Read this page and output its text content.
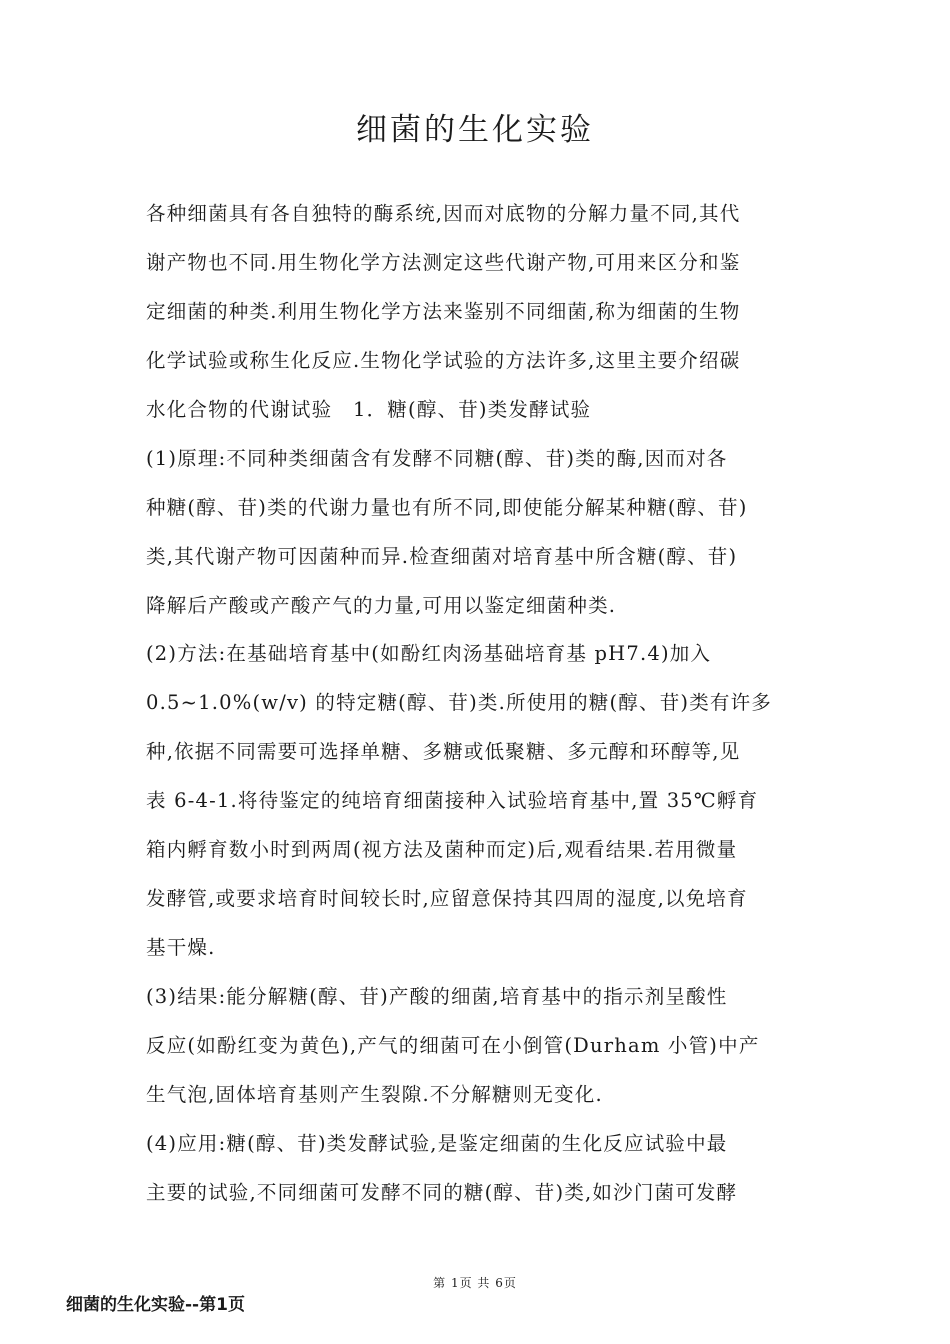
细菌的生化实验
各种细菌具有各自独特的酶系统,因而对底物的分解力量不同,其代
谢产物也不同.用生物化学方法测定这些代谢产物,可用来区分和鉴
定细菌的种类.利用生物化学方法来鉴别不同细菌,称为细菌的生物
化学试验或称生化反应.生物化学试验的方法许多,这里主要介绍碳
水化合物的代谢试验　1．糖(醇、苷)类发酵试验
(1)原理:不同种类细菌含有发酵不同糖(醇、苷)类的酶,因而对各
种糖(醇、苷)类的代谢力量也有所不同,即使能分解某种糖(醇、苷)
类,其代谢产物可因菌种而异.检查细菌对培育基中所含糖(醇、苷)
降解后产酸或产酸产气的力量,可用以鉴定细菌种类.
(2)方法:在基础培育基中(如酚红肉汤基础培育基 pH7.4)加入
0.5~1.0%(w/v) 的特定糖(醇、苷)类.所使用的糖(醇、苷)类有许多
种,依据不同需要可选择单糖、多糖或低聚糖、多元醇和环醇等,见
表 6-4-1.将待鉴定的纯培育细菌接种入试验培育基中,置 35℃孵育
箱内孵育数小时到两周(视方法及菌种而定)后,观看结果.若用微量
发酵管,或要求培育时间较长时,应留意保持其四周的湿度,以免培育
基干燥.
(3)结果:能分解糖(醇、苷)产酸的细菌,培育基中的指示剂呈酸性
反应(如酚红变为黄色),产气的细菌可在小倒管(Durham 小管)中产
生气泡,固体培育基则产生裂隙.不分解糖则无变化.
(4)应用:糖(醇、苷)类发酵试验,是鉴定细菌的生化反应试验中最
主要的试验,不同细菌可发酵不同的糖(醇、苷)类,如沙门菌可发酵
第 1页 共 6页
细菌的生化实验--第1页
